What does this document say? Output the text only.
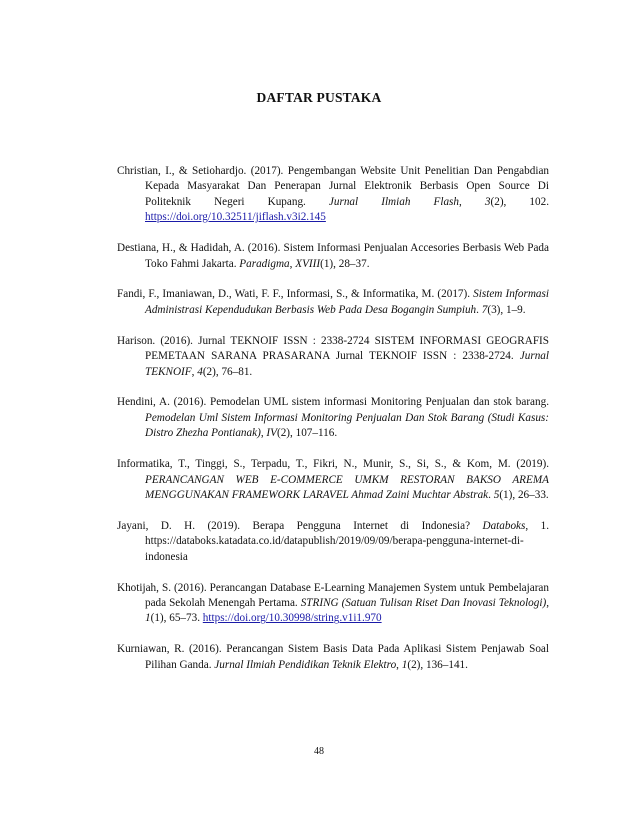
DAFTAR PUSTAKA

Christian, I., & Setiohardjo. (2017). Pengembangan Website Unit Penelitian Dan Pengabdian Kepada Masyarakat Dan Penerapan Jurnal Elektronik Berbasis Open Source Di Politeknik Negeri Kupang. Jurnal Ilmiah Flash, 3(2), 102. https://doi.org/10.32511/jiflash.v3i2.145

Destiana, H., & Hadidah, A. (2016). Sistem Informasi Penjualan Accesories Berbasis Web Pada Toko Fahmi Jakarta. Paradigma, XVIII(1), 28–37.

Fandi, F., Imaniawan, D., Wati, F. F., Informasi, S., & Informatika, M. (2017). Sistem Informasi Administrasi Kependudukan Berbasis Web Pada Desa Bogangin Sumpiuh. 7(3), 1–9.

Harison. (2016). Jurnal TEKNOIF ISSN : 2338-2724 SISTEM INFORMASI GEOGRAFIS PEMETAAN SARANA PRASARANA Jurnal TEKNOIF ISSN : 2338-2724. Jurnal TEKNOIF, 4(2), 76–81.

Hendini, A. (2016). Pemodelan UML sistem informasi Monitoring Penjualan dan stok barang. Pemodelan Uml Sistem Informasi Monitoring Penjualan Dan Stok Barang (Studi Kasus: Distro Zhezha Pontianak), IV(2), 107–116.

Informatika, T., Tinggi, S., Terpadu, T., Fikri, N., Munir, S., Si, S., & Kom, M. (2019). PERANCANGAN WEB E-COMMERCE UMKM RESTORAN BAKSO AREMA MENGGUNAKAN FRAMEWORK LARAVEL Ahmad Zaini Muchtar Abstrak. 5(1), 26–33.

Jayani, D. H. (2019). Berapa Pengguna Internet di Indonesia? Databoks, 1. https://databoks.katadata.co.id/datapublish/2019/09/09/berapa-pengguna-internet-di-indonesia

Khotijah, S. (2016). Perancangan Database E-Learning Manajemen System untuk Pembelajaran pada Sekolah Menengah Pertama. STRING (Satuan Tulisan Riset Dan Inovasi Teknologi), 1(1), 65–73. https://doi.org/10.30998/string.v1i1.970

Kurniawan, R. (2016). Perancangan Sistem Basis Data Pada Aplikasi Sistem Penjawab Soal Pilihan Ganda. Jurnal Ilmiah Pendidikan Teknik Elektro, 1(2), 136–141.

48
